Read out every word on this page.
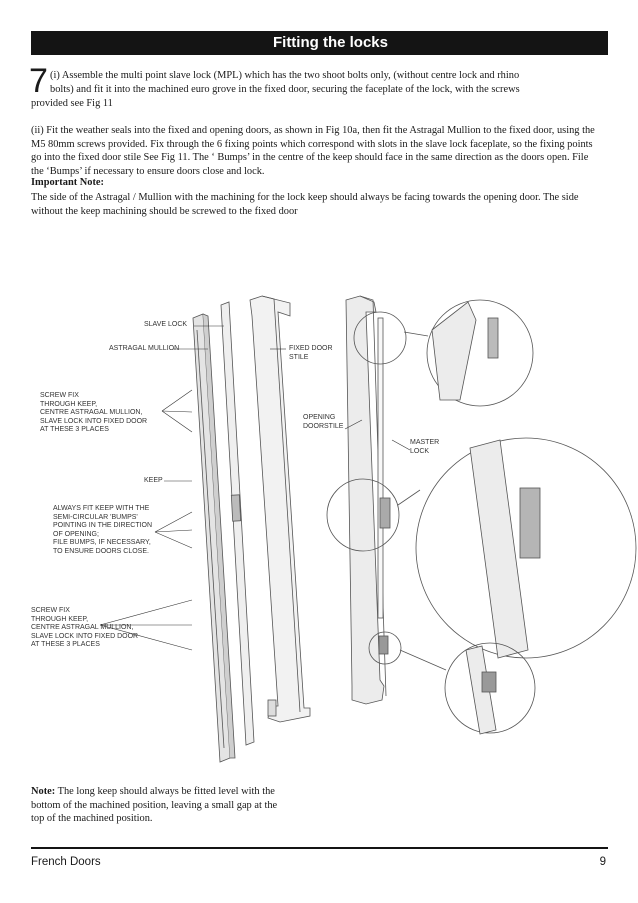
Fitting the locks
7 (i) Assemble the multi point slave lock (MPL) which has the two shoot bolts only, (without centre lock and rhino
bolts) and fit it into the machined euro grove in the fixed door, securing the faceplate of the lock, with the screws
provided see Fig 11
(ii) Fit the weather seals into the fixed and opening doors, as shown in Fig 10a, then fit the Astragal Mullion to the fixed door, using the M5 80mm screws provided. Fix through the 6 fixing points which correspond with slots in the slave lock faceplate, so the fixing points go into the fixed door stile See Fig 11. The ‘ Bumps’ in the centre of the keep should face in the same direction as the doors open. File the ‘Bumps’ if necessary to ensure doors close and lock.
Important Note:
The side of the Astragal / Mullion with the machining for the lock keep should always be facing towards the opening door. The side without the keep machining should be screwed to the fixed door
SLAVE LOCK
ASTRAGAL MULLION	FIXED DOOR
STILE
SCREW FIX
THROUGH KEEP,
CENTRE ASTRAGAL MULLION,
SLAVE LOCK INTO FIXED DOOR
AT THESE 3 PLACES
OPENING
DOORSTILE
MASTER
LOCK
KEEP
ALWAYS FIT KEEP WITH THE
SEMI-CIRCULAR 'BUMPS'
POINTING IN THE DIRECTION
OF OPENING;
FILE BUMPS, IF NECESSARY,
TO ENSURE DOORS CLOSE.
SCREW FIX
THROUGH KEEP,
CENTRE ASTRAGAL MULLION,
SLAVE LOCK INTO FIXED DOOR
AT THESE 3 PLACES
Note: The long keep should always be fitted level with the bottom of the machined position, leaving a small gap at the top of the machined position.
French Doors	9
